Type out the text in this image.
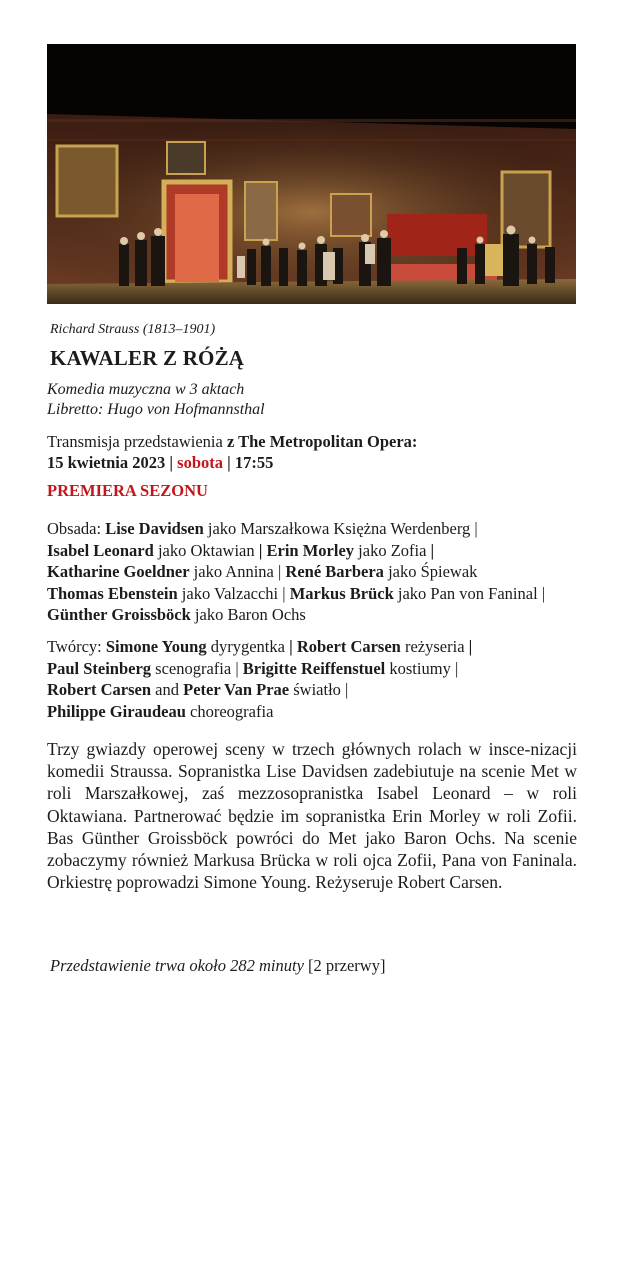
Richard Strauss (1813–1901)
KAWALER Z RÓŻĄ
Komedia muzyczna w 3 aktach
Libretto: Hugo von Hofmannsthal
Transmisja przedstawienia z The Metropolitan Opera:
15 kwietnia 2023 | sobota | 17:55
PREMIERA SEZONU
Obsada: Lise Davidsen jako Marszałkowa Księżna Werdenberg |
Isabel Leonard jako Oktawian | Erin Morley jako Zofia |
Katharine Goeldner jako Annina | René Barbera jako Śpiewak
Thomas Ebenstein jako Valzacchi | Markus Brück jako Pan von Faninal | Günther Groissböck jako Baron Ochs
Twórcy: Simone Young dyrygentka | Robert Carsen reżyseria |
Paul Steinberg scenografia | Brigitte Reiffenstuel kostiumy |
Robert Carsen and Peter Van Prae światło |
Philippe Giraudeau choreografia
Trzy gwiazdy operowej sceny w trzech głównych rolach w insce-nizacji komedii Straussa. Sopranistka Lise Davidsen zadebiutuje na scenie Met w roli Marszałkowej, zaś mezzosopranistka Isabel Leonard – w roli Oktawiana. Partnerować będzie im sopranistka Erin Morley w roli Zofii. Bas Günther Groissböck powróci do Met jako Baron Ochs. Na scenie zobaczymy również Markusa Brücka w roli ojca Zofii, Pana von Faninala. Orkiestrę poprowadzi Simone Young. Reżyseruje Robert Carsen.
Przedstawienie trwa około 282 minuty [2 przerwy]
